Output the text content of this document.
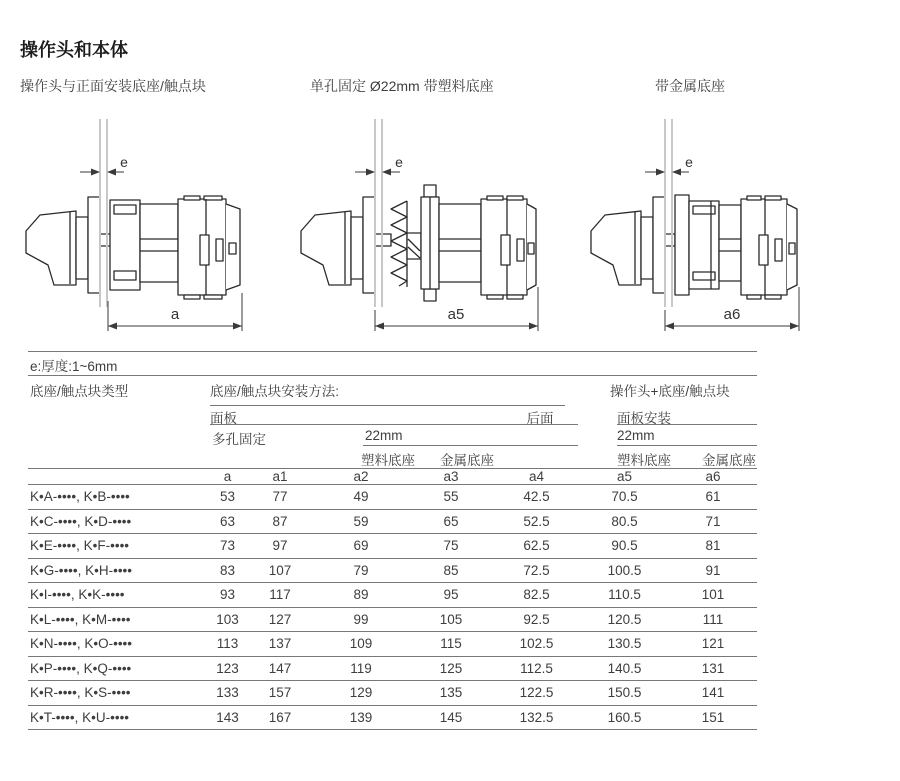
操作头和本体
操作头与正面安装底座/触点块	单孔固定 Ø22mm 带塑料底座	带金属底座
e
a
e
a5
e
a6
e:厚度:1~6mm
底座/触点块类型	底座/触点块安装方法:	操作头+底座/触点块
面板	后面	面板安装
多孔固定	22mm	22mm
塑料底座 金属底座	塑料底座 金属底座
	a	a1	a2	a3	a4	a5	a6
K•A-••••, K•B-••••	53	77	49	55	42.5	70.5	61
K•C-••••, K•D-••••	63	87	59	65	52.5	80.5	71
K•E-••••, K•F-••••	73	97	69	75	62.5	90.5	81
K•G-••••, K•H-••••	83	107	79	85	72.5	100.5	91
K•I-••••, K•K-••••	93	117	89	95	82.5	110.5	101
K•L-••••, K•M-••••	103	127	99	105	92.5	120.5	111
K•N-••••, K•O-••••	113	137	109	115	102.5	130.5	121
K•P-••••, K•Q-••••	123	147	119	125	112.5	140.5	131
K•R-••••, K•S-••••	133	157	129	135	122.5	150.5	141
K•T-••••, K•U-••••	143	167	139	145	132.5	160.5	151
